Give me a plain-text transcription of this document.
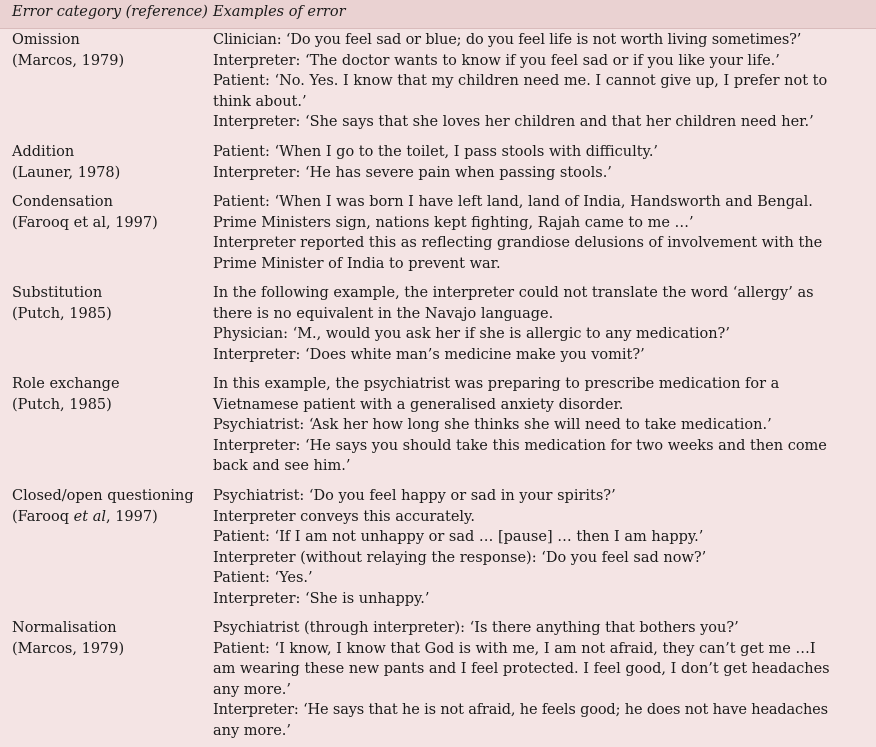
Error category (reference) Examples of error
Omission
(Marcos, 1979)
Clinician: ‘Do you feel sad or blue; do you feel life is not worth living sometimes?’
Interpreter: ‘The doctor wants to know if you feel sad or if you like your life.’
Patient: ‘No. Yes. I know that my children need me. I cannot give up, I prefer not to
think about.’
Interpreter: ‘She says that she loves her children and that her children need her.’
Addition
(Launer, 1978)
Patient: ‘When I go to the toilet, I pass stools with difficulty.’
Interpreter: ‘He has severe pain when passing stools.’
Condensation
(Farooq et al, 1997)
Patient: ‘When I was born I have left land, land of India, Handsworth and Bengal.
Prime Ministers sign, nations kept fighting, Rajah came to me …’
Interpreter reported this as reflecting grandiose delusions of involvement with the
Prime Minister of India to prevent war.
Substitution
(Putch, 1985)
In the following example, the interpreter could not translate the word ‘allergy’ as
there is no equivalent in the Navajo language.
Physician: ‘M., would you ask her if she is allergic to any medication?’
Interpreter: ‘Does white man’s medicine make you vomit?’
Role exchange
(Putch, 1985)
In this example, the psychiatrist was preparing to prescribe medication for a
Vietnamese patient with a generalised anxiety disorder.
Psychiatrist: ‘Ask her how long she thinks she will need to take medication.’
Interpreter: ‘He says you should take this medication for two weeks and then come
back and see him.’
Closed/open questioning
(Farooq et al, 1997)
Psychiatrist: ‘Do you feel happy or sad in your spirits?’
Interpreter conveys this accurately.
Patient: ‘If I am not unhappy or sad … [pause] … then I am happy.’
Interpreter (without relaying the response): ‘Do you feel sad now?’
Patient: ‘Yes.’
Interpreter: ‘She is unhappy.’
Normalisation
(Marcos, 1979)
Psychiatrist (through interpreter): ‘Is there anything that bothers you?’
Patient: ‘I know, I know that God is with me, I am not afraid, they can’t get me …I
am wearing these new pants and I feel protected. I feel good, I don’t get headaches
any more.’
Interpreter: ‘He says that he is not afraid, he feels good; he does not have headaches
any more.’
